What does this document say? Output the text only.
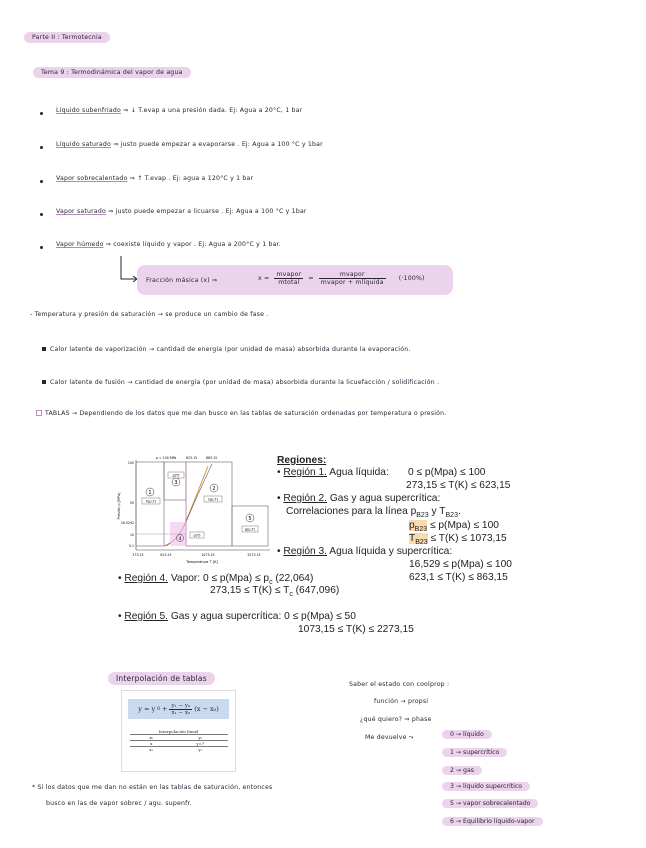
Parte II : Termotecnia
Tema 9 : Termodinámica del vapor de agua
Líquido subenfriado ⇒ ↓ T.evap a una presión dada. Ej: Agua a 20°C, 1 bar
Líquido saturado ⇒ justo puede empezar a evaporarse . Ej: Agua a 100 °C y 1bar
Vapor sobrecalentado ⇒ ↑ T.evap . Ej: agua a 120°C y 1 bar
Vapor saturado ⇒ justo puede empezar a licuarse . Ej: Agua a 100 °C y 1bar
Vapor húmedo ⇒ coexiste líquido y vapor . Ej: Agua a 200°C y 1 bar.
Fracción másica (x) ⇒	$x = \frac{\text{mvapor}}{\text{mtotal}} = \frac{\text{mvapor}}{\text{mvapor + mlíquida}} (\cdot 100\%)$
- Temperatura y presión de saturación → se produce un cambio de fase .
Calor latente de vaporización → cantidad de energía (por unidad de masa) absorbida durante la evaporación.
Calor latente de fusión → cantidad de energía (por unidad de masa) absorbida durante la licuefacción / solidificación .
TABLAS → Dependiendo de los datos que me dan busco en las tablas de saturación ordenadas por temperatura o presión.
1
2
3
4
5
h(p,T)	s(p,T)
ρ(T)
p(T)
g(p,T)
p = 100 MPa	623.15	863.15
100
50
16.5292
10
0.1
273.15	623.15	1073.15	2273.15
Temperatura T [K]
Presión p [MPa]
Regiones:
• Región 1. Agua líquida: 0 ≤ p(Mpa) ≤ 100
273,15 ≤ T(K) ≤ 623,15
• Región 2. Gas y agua supercrítica:
Correlaciones para la línea $p_{B23}$ y $T_{B23}$.
$p_{B23} \le p(Mpa) \le 100$
$T_{B23} \le T(K) \le 1073,15$
• Región 3. Agua líquida y supercrítica:
16,529 ≤ p(Mpa) ≤ 100
623,1 ≤ T(K) ≤ 863,15
• Región 4. Vapor: $0 \le p(Mpa) \le p_c$ (22,064)
$273,15 \le T(K) \le T_c$ (647,096)
• Región 5. Gas y agua supercrítica: 0 ≤ p(Mpa) ≤ 50
1073,15 ≤ T(K) ≤ 2273,15
Interpolación de tablas
y = y $0 + \frac{\text{y₁ − y₀}}{\text{x₁ − x₀}} (x - x_0)$
Interpolación lineal	
x₀	y₀
x	y=?
x₁	y₁
* Si los datos que me dan no están en las tablas de saturación, entonces
busco en las de vapor sobrec / agu. supenfr.
Saber el estado con coolprop :
función → propsi
¿qué quiero? ⇒ phase
Me devuelve ⤳	0 → líquido
1 → supercrítico
2 → gas
3 → líquido supercrítico
5 → vapor sobrecalentado
6 → Equilibrio líquido-vapor
